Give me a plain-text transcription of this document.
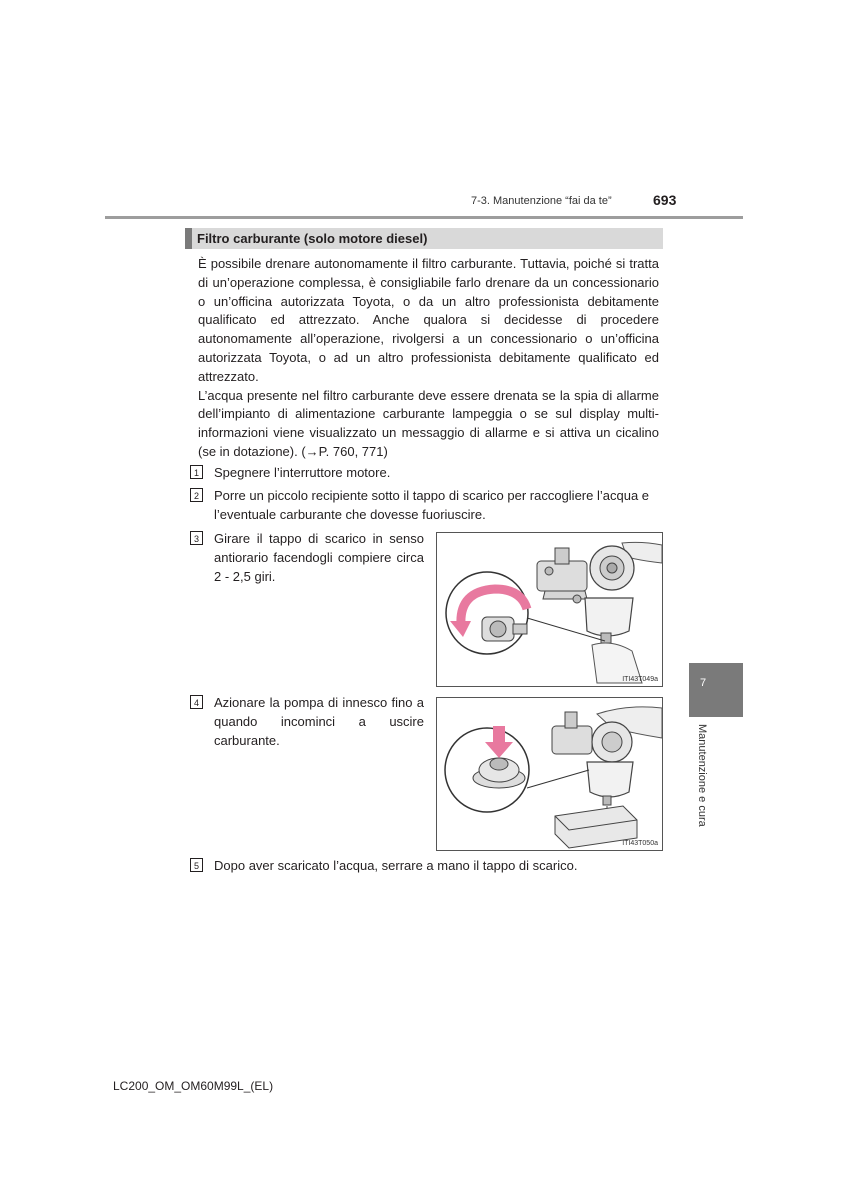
7-3. Manutenzione “fai da te”	693
Filtro carburante (solo motore diesel)

È possibile drenare autonomamente il filtro carburante. Tuttavia, poiché si tratta di un’operazione complessa, è consigliabile farlo drenare da un concessionario o un’officina autorizzata Toyota, o da un altro professionista debitamente qualificato ed attrezzato. Anche qualora si decidesse di procedere autonomamente all’operazione, rivolgersi a un concessionario o un’officina autorizzata Toyota, o ad un altro professionista debitamente qualificato ed attrezzato.

L’acqua presente nel filtro carburante deve essere drenata se la spia di allarme dell’impianto di alimentazione carburante lampeggia o se sul display multi-informazioni viene visualizzato un messaggio di allarme e si attiva un cicalino (se in dotazione). (→P. 760, 771)

1	Spegnere l’interruttore motore.
2	Porre un piccolo recipiente sotto il tappo di scarico per raccogliere l’acqua e l’eventuale carburante che dovesse fuoriuscire.
3	Girare il tappo di scarico in senso antiorario facendogli compiere circa 2 - 2,5 giri.
ITI43T049a
4	Azionare la pompa di innesco fino a quando incominci a uscire carburante.
ITI43T050a
5	Dopo aver scaricato l’acqua, serrare a mano il tappo di scarico.
7
Manutenzione e cura
LC200_OM_OM60M99L_(EL)
